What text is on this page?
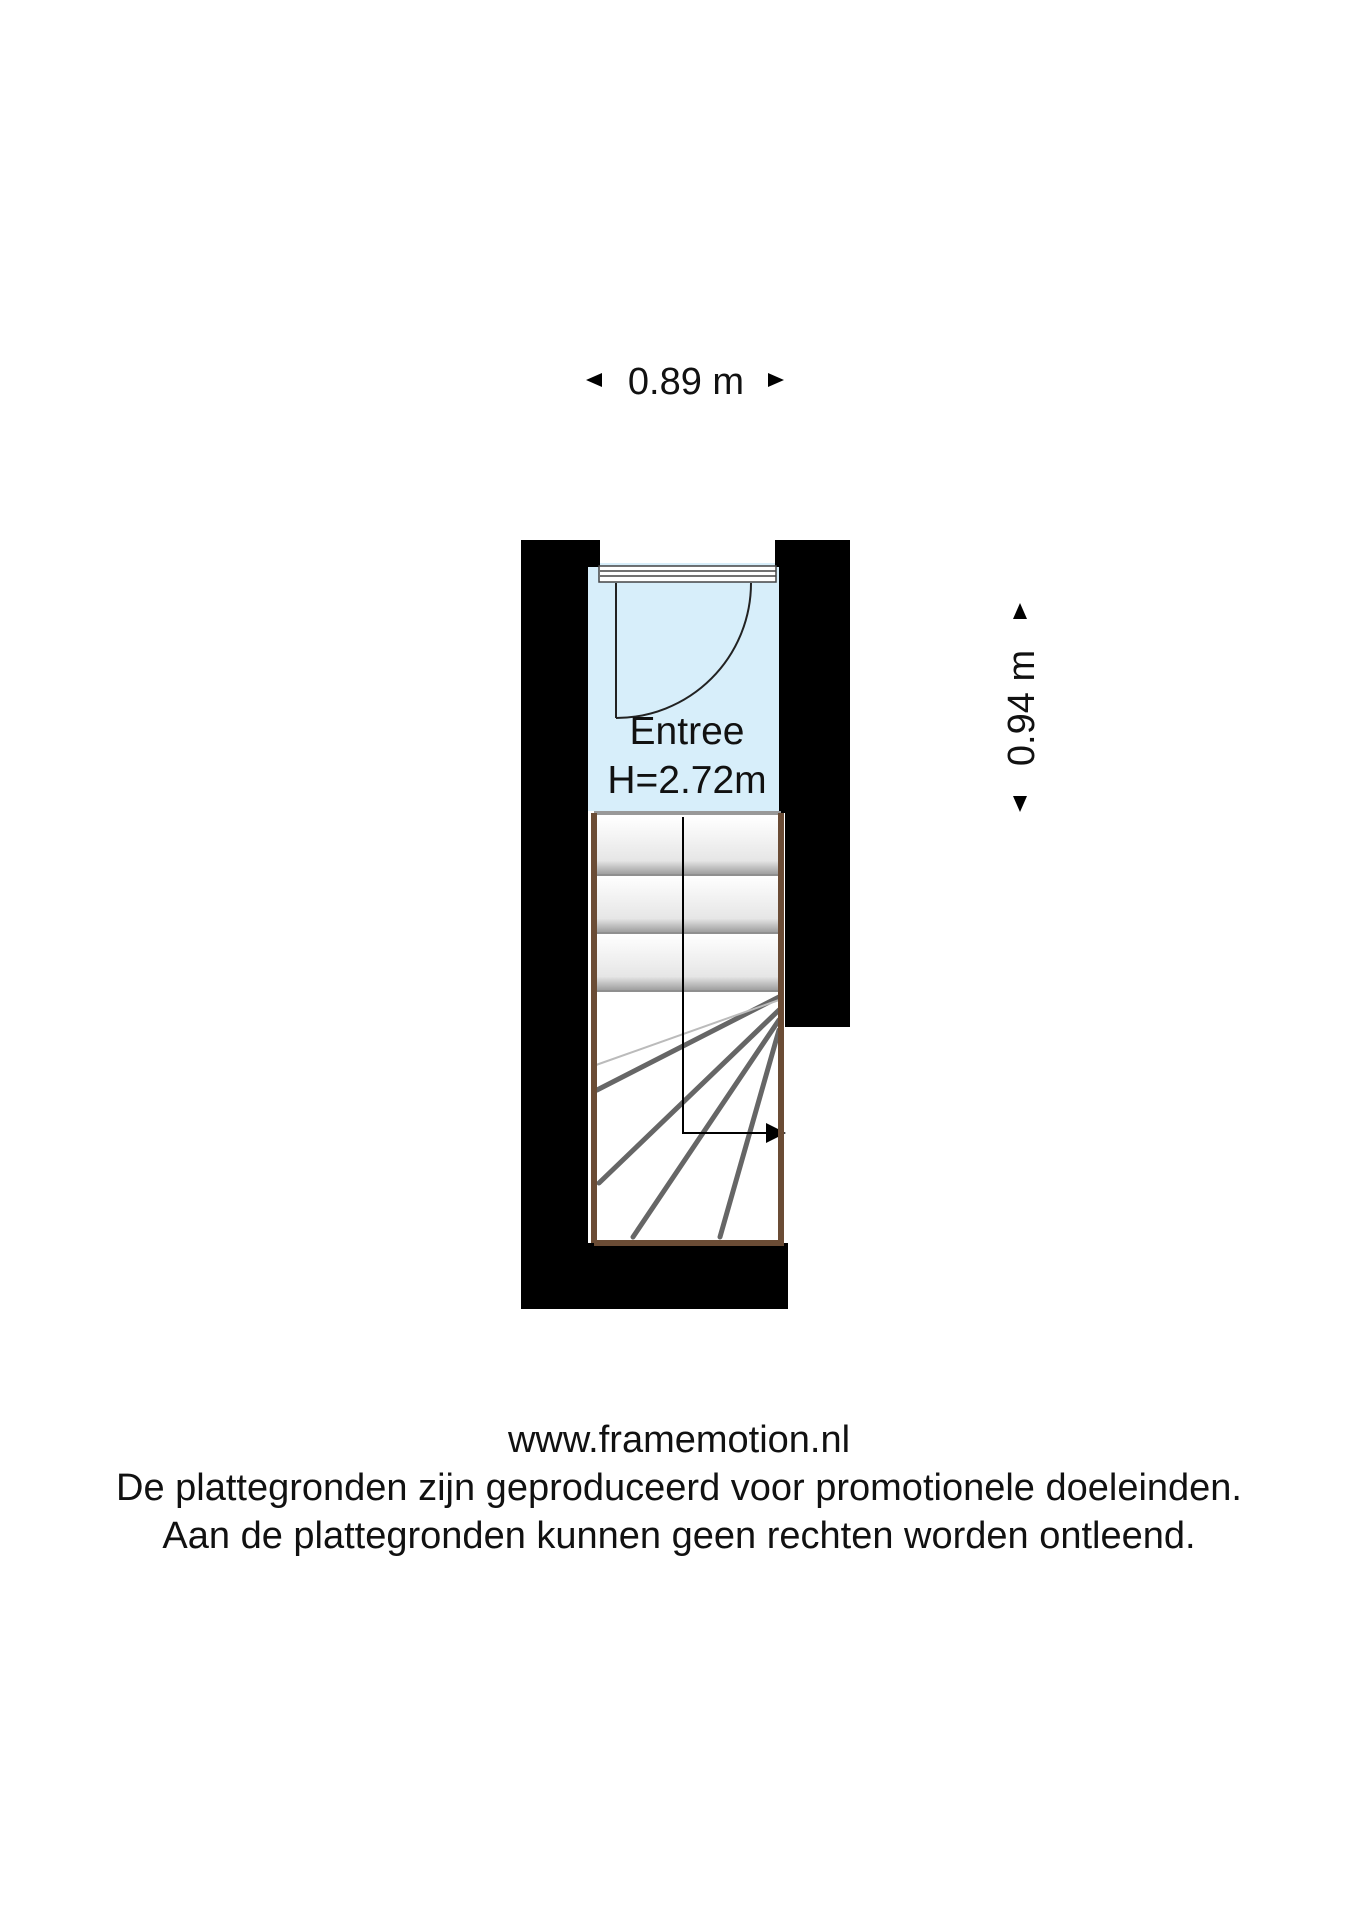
0.89 m
0.94 m
Entree
H=2.72m
www.framemotion.nl
De plattegronden zijn geproduceerd voor promotionele doeleinden.
Aan de plattegronden kunnen geen rechten worden ontleend.
